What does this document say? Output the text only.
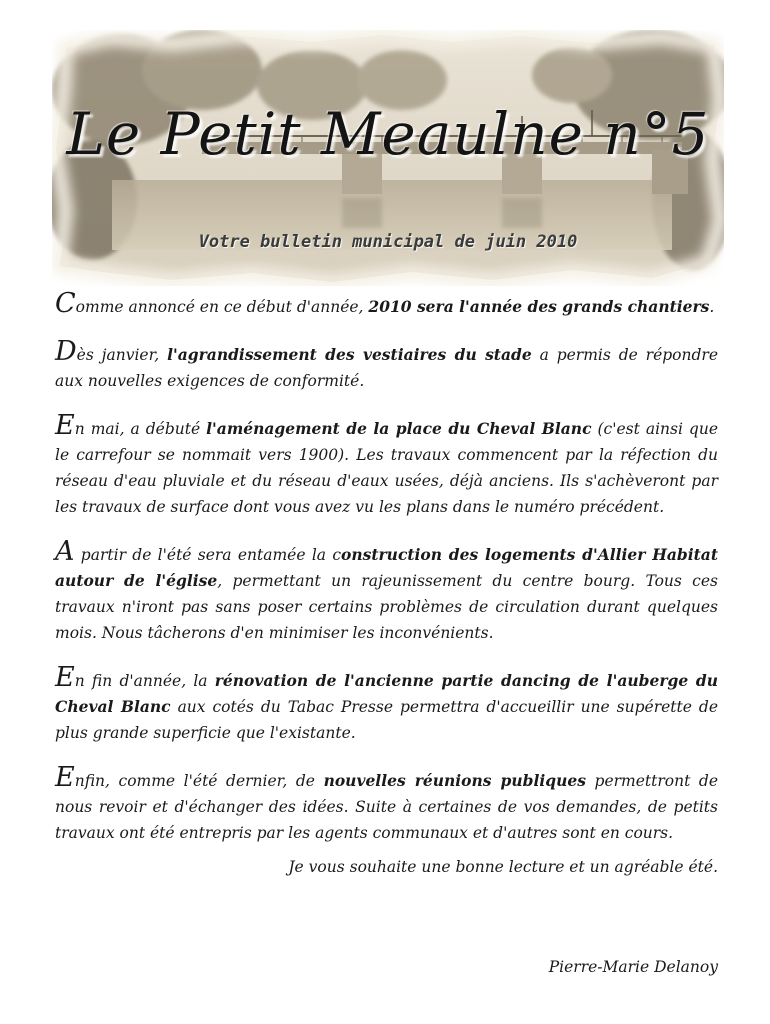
Le Petit Meaulne n°5
Votre bulletin municipal de juin 2010

Comme annoncé en ce début d'année, 2010 sera l'année des grands chantiers.

Dès janvier, l'agrandissement des vestiaires du stade a permis de répondre aux nouvelles exigences de conformité.

En mai, a débuté l'aménagement de la place du Cheval Blanc (c'est ainsi que le carrefour se nommait vers 1900). Les travaux commencent par la réfection du réseau d'eau pluviale et du réseau d'eaux usées, déjà anciens. Ils s'achèveront par les travaux de surface dont vous avez vu les plans dans le numéro précédent.

A partir de l'été sera entamée la construction des logements d'Allier Habitat autour de l'église, permettant un rajeunissement du centre bourg. Tous ces travaux n'iront pas sans poser certains problèmes de circulation durant quelques mois. Nous tâcherons d'en minimiser les inconvénients.

En fin d'année, la rénovation de l'ancienne partie dancing de l'auberge du Cheval Blanc aux cotés du Tabac Presse permettra d'accueillir une supérette de plus grande superficie que l'existante.

Enfin, comme l'été dernier, de nouvelles réunions publiques permettront de nous revoir et d'échanger des idées. Suite à certaines de vos demandes, de petits travaux ont été entrepris par les agents communaux et d'autres sont en cours.

Je vous souhaite une bonne lecture et un agréable été.

Pierre-Marie Delanoy
